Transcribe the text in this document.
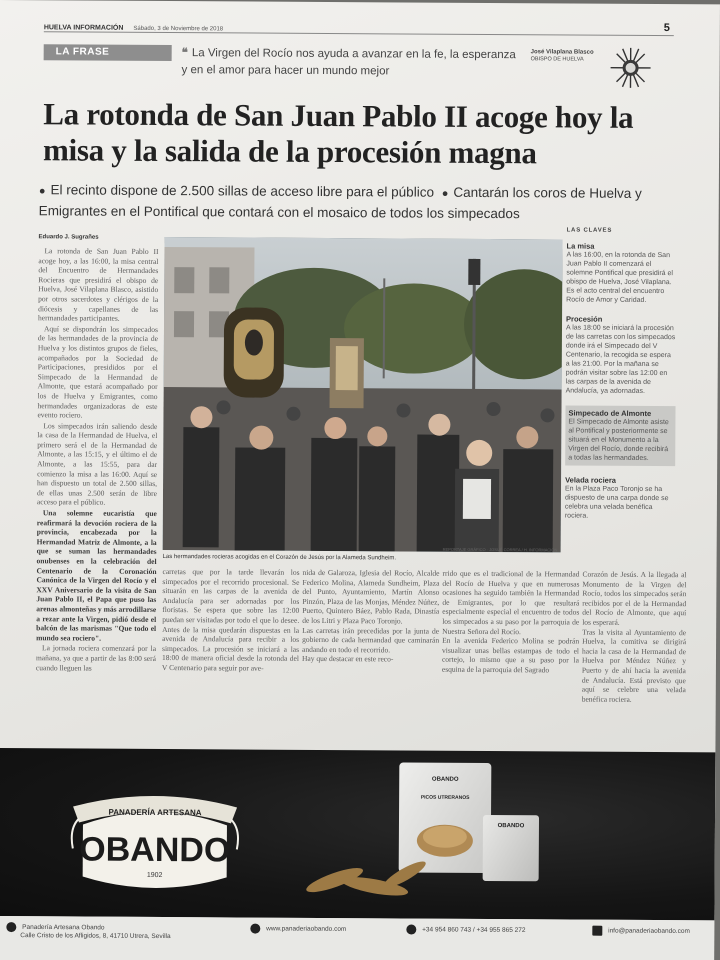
HUELVA INFORMACIÓN Sábado, 3 de Noviembre de 2018	5
LA FRASE	❝ La Virgen del Rocío nos ayuda a avanzar en la fe, la esperanza y en el amor para hacer un mundo mejor
José Vilaplana Blasco
OBISPO DE HUELVA
La rotonda de San Juan Pablo II acoge hoy la misa y la salida de la procesión magna
● El recinto dispone de 2.500 sillas de acceso libre para el público ● Cantarán los coros de Huelva y Emigrantes en el Pontifical que contará con el mosaico de todos los simpecados
Eduardo J. Sugrañes

La rotonda de San Juan Pablo II acoge hoy, a las 16:00, la misa central del Encuentro de Hermandades Rocieras que presidirá el obispo de Huelva, José Vilaplana Blasco, asistido por otros sacerdotes y clérigos de la diócesis y capellanes de las hermandades participantes.

Aquí se dispondrán los simpecados de las hermandades de la provincia de Huelva y los distintos grupos de fieles, acompañados por la Sociedad de Participaciones, presididos por el Simpecado de la Hermandad de Almonte, que estará acompañado por los de Huelva y Emigrantes, como hermandades organizadoras de este evento rociero.

Los simpecados irán saliendo desde la casa de la Hermandad de Huelva, el primero será el de la Hermandad de Almonte, a las 15:15, y el último el de Almonte, a las 15:55, para dar comienzo la misa a las 16:00. Aquí se han dispuesto un total de 2.500 sillas, de ellas unas 2.500 serán de libre acceso para el público.

Una solemne eucaristía que reafirmará la devoción rociera de la provincia, encabezada por la Hermandad Matriz de Almonte, a la que se suman las hermandades onubenses en la celebración del Centenario de la Coronación Canónica de la Virgen del Rocío y el XXV Aniversario de la visita de San Juan Pablo II, el Papa que puso las arenas almonteñas y más arrodillarse a rezar ante la Virgen, pidió desde el balcón de las marismas "Que todo el mundo sea rociero".

La jornada rociera comenzará por la mañana, ya que a partir de las 8:00 será cuando lleguen las

REPORTAJE GRÁFICO · JOSUÉ CORREA / H. INFORMACIÓN
Las hermandades rocieras acogidas en el Corazón de Jesús por la Alameda Sundheim.
LAS CLAVES
La misa
A las 16:00, en la rotonda de San Juan Pablo II comenzará el solemne Pontifical que presidirá el obispo de Huelva, José Vilaplana. Es el acto central del encuentro Rocío de Amor y Caridad.
Procesión
A las 18:00 se iniciará la procesión de las carretas con los simpecados donde irá el Simpecado del V Centenario, la recogida se espera a las 21:00. Por la mañana se podrán visitar sobre las 12:00 en las carpas de la avenida de Andalucía, ya adornadas.
Simpecado de Almonte
El Simpecado de Almonte asiste al Pontifical y posteriormente se situará en el Monumento a la Virgen del Rocío, donde recibirá a todas las hermandades.
Velada rociera
En la Plaza Paco Toronjo se ha dispuesto de una carpa donde se celebra una velada benéfica rociera.
carretas que por la tarde llevarán los simpecados por el recorrido procesional. Se situarán en las carpas de la avenida de Andalucía para ser adornadas por los floristas. Se espera que sobre las 12:00 puedan ser visitadas por todo el que lo desee. Antes de la misa quedarán dispuestas en la avenida de Andalucía para recibir a los simpecados. La procesión se iniciará a las 18:00 de manera oficial desde la rotonda del V Centenario para seguir por ave-
nida de Galaroza, Iglesia del Rocío, Alcalde Federico Molina, Alameda Sundheim, Plaza del Punto, Ayuntamiento, Martín Alonso Pinzón, Plaza de las Monjas, Méndez Núñez, Puerto, Quintero Báez, Pablo Rada, Dinastía de los Litri y Plaza Paco Toronjo.
Las carretas irán precedidas por la junta de gobierno de cada hermandad que caminarán andando en todo el recorrido.
Hay que destacar en este reco-
rrido que es el tradicional de la Hermandad del Rocío de Huelva y que en numerosas ocasiones ha seguido también la Hermandad de Emigrantes, por lo que resultará especialmente especial el encuentro de todos los simpecados a su paso por la parroquia de Nuestra Señora del Rocío.
En la avenida Federico Molina se podrán visualizar unas bellas estampas de todo el cortejo, lo mismo que a su paso por la esquina de la parroquia del Sagrado
Corazón de Jesús. A la llegada al Monumento de la Virgen del Rocío, todos los simpecados serán recibidos por el de la Hermandad del Rocío de Almonte, que aquí los esperará.
Tras la visita al Ayuntamiento de Huelva, la comitiva se dirigirá hacia la casa de la Hermandad de Huelva por Méndez Núñez y Puerto y de ahí hacia la avenida de Andalucía. Está previsto que aquí se celebre una velada benéfica rociera.
PANADERÍA ARTESANA
OBANDO
1902
OBANDO
PICOS UTRERANOS
OBANDO
Panadería Artesana Obando
Calle Cristo de los Afligidos, 8, 41710 Utrera, Sevilla
www.panaderiaobando.com	+34 954 860 743 / +34 955 865 272	info@panaderiaobando.com
